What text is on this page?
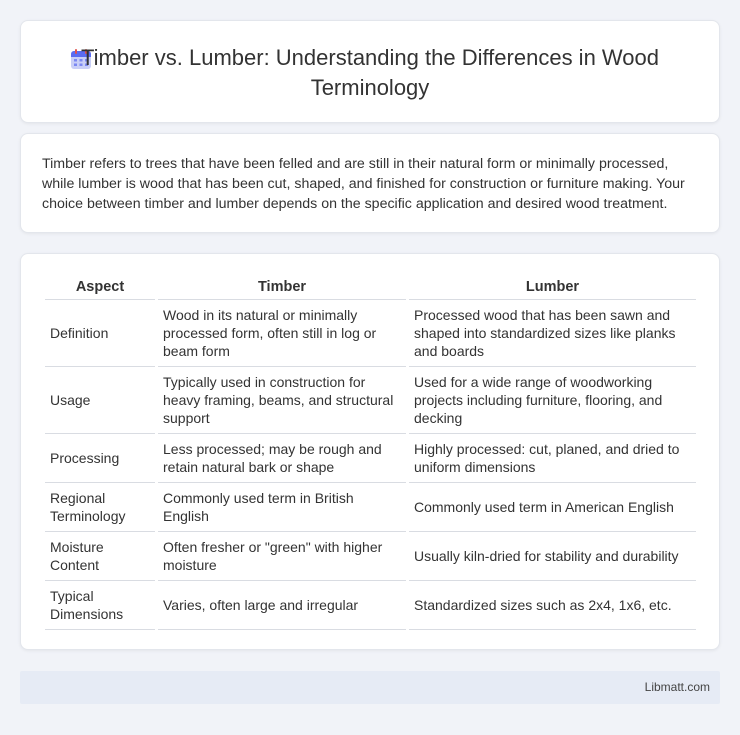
Timber vs. Lumber: Understanding the Differences in Wood Terminology

Timber refers to trees that have been felled and are still in their natural form or minimally processed, while lumber is wood that has been cut, shaped, and finished for construction or furniture making. Your choice between timber and lumber depends on the specific application and desired wood treatment.

Aspect	Timber	Lumber
Definition	Wood in its natural or minimally processed form, often still in log or beam form	Processed wood that has been sawn and shaped into standardized sizes like planks and boards
Usage	Typically used in construction for heavy framing, beams, and structural support	Used for a wide range of woodworking projects including furniture, flooring, and decking
Processing	Less processed; may be rough and retain natural bark or shape	Highly processed: cut, planed, and dried to uniform dimensions
Regional Terminology	Commonly used term in British English	Commonly used term in American English
Moisture Content	Often fresher or "green" with higher moisture	Usually kiln-dried for stability and durability
Typical Dimensions	Varies, often large and irregular	Standardized sizes such as 2x4, 1x6, etc.
Libmatt.com
